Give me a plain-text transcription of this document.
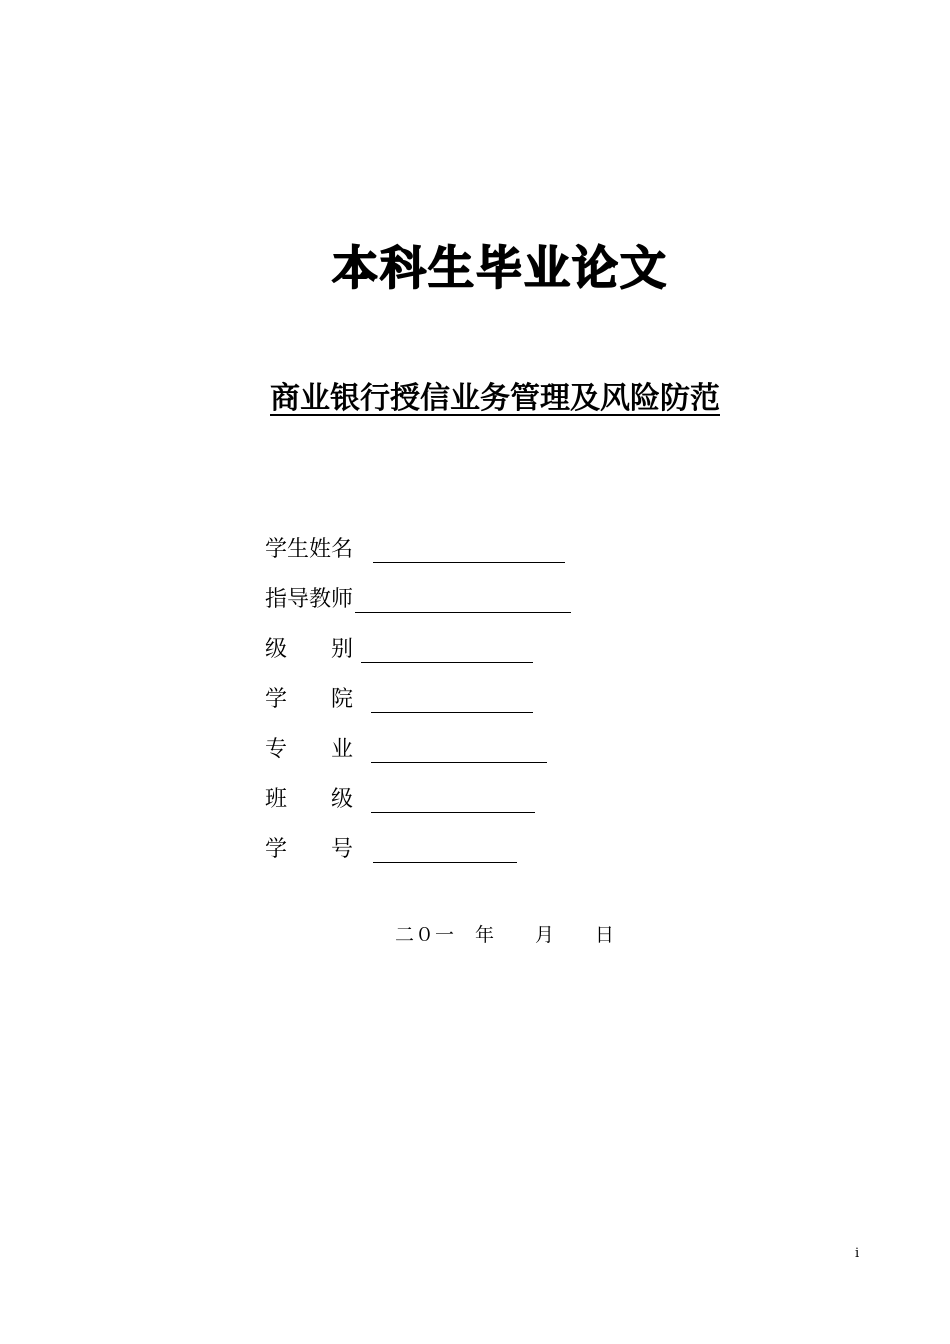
本科生毕业论文
商业银行授信业务管理及风险防范
学生姓名
指导教师
级　　别
学　　院
专　　业
班　　级
学　　号
二０一　年　　月　　日
i
